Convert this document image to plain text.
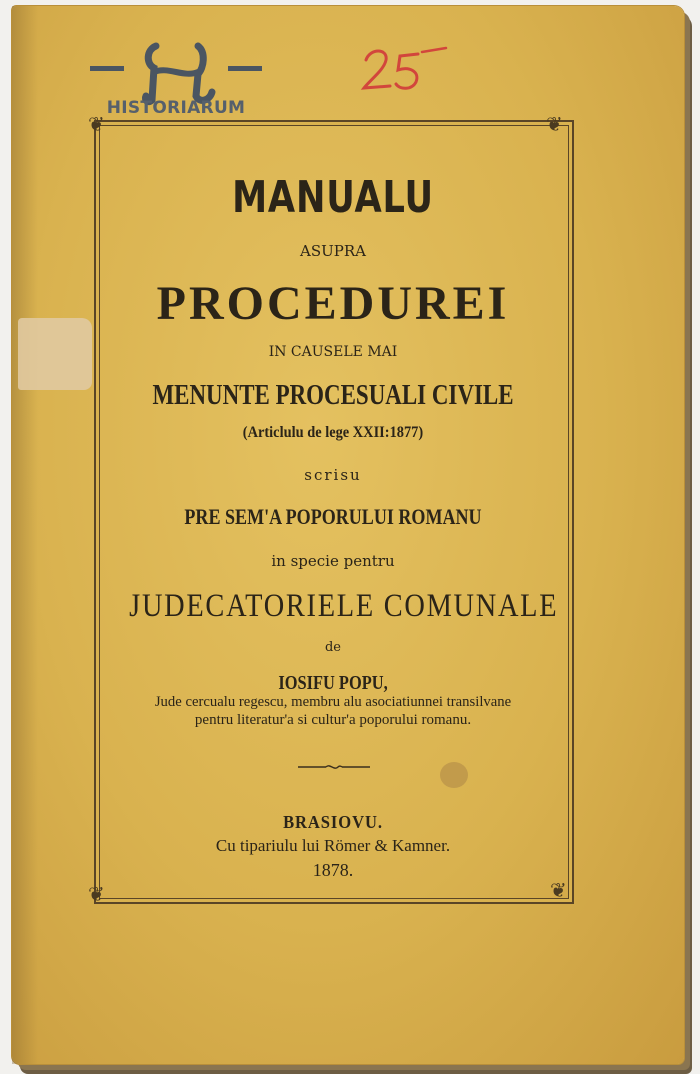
❦	❦
❦	❦
HISTORIARUM
MANUALU
ASUPRA
PROCEDUREI
IN CAUSELE MAI
MENUNTE PROCESUALI CIVILE
(Articlulu de lege XXII:1877)
scrisu
PRE SEM'A POPORULUI ROMANU
in specie pentru
JUDECATORIELE COMUNALE
de
IOSIFU POPU,
Jude cercualu regescu, membru alu asociatiunnei transilvane
pentru literatur'a si cultur'a poporului romanu.
BRASIOVU.
Cu tipariulu lui Römer & Kamner.
1878.
